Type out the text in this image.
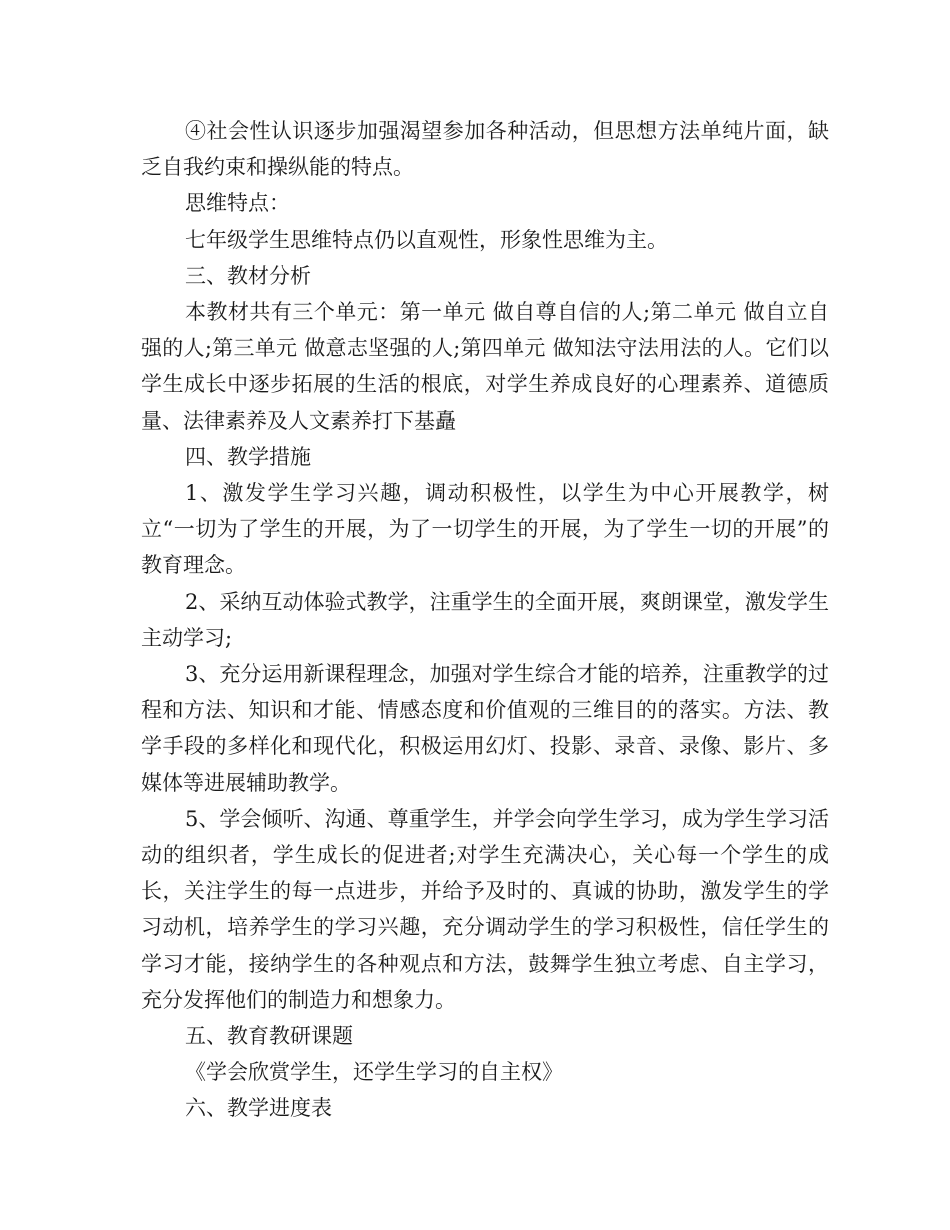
④社会性认识逐步加强渴望参加各种活动，但思想方法单纯片面，缺乏自我约束和操纵能的特点。

思维特点：

七年级学生思维特点仍以直观性，形象性思维为主。

三、教材分析

本教材共有三个单元：第一单元 做自尊自信的人;第二单元 做自立自强的人;第三单元 做意志坚强的人;第四单元 做知法守法用法的人。它们以学生成长中逐步拓展的生活的根底，对学生养成良好的心理素养、道德质量、法律素养及人文素养打下基矗

四、教学措施

1、激发学生学习兴趣，调动积极性，以学生为中心开展教学，树立“一切为了学生的开展，为了一切学生的开展，为了学生一切的开展”的教育理念。

2、采纳互动体验式教学，注重学生的全面开展，爽朗课堂，激发学生主动学习;

3、充分运用新课程理念，加强对学生综合才能的培养，注重教学的过程和方法、知识和才能、情感态度和价值观的三维目的的落实。方法、教学手段的多样化和现代化，积极运用幻灯、投影、录音、录像、影片、多媒体等进展辅助教学。

5、学会倾听、沟通、尊重学生，并学会向学生学习，成为学生学习活动的组织者，学生成长的促进者;对学生充满决心，关心每一个学生的成长，关注学生的每一点进步，并给予及时的、真诚的协助，激发学生的学习动机，培养学生的学习兴趣，充分调动学生的学习积极性，信任学生的学习才能，接纳学生的各种观点和方法，鼓舞学生独立考虑、自主学习，充分发挥他们的制造力和想象力。

五、教育教研课题

《学会欣赏学生，还学生学习的自主权》

六、教学进度表
